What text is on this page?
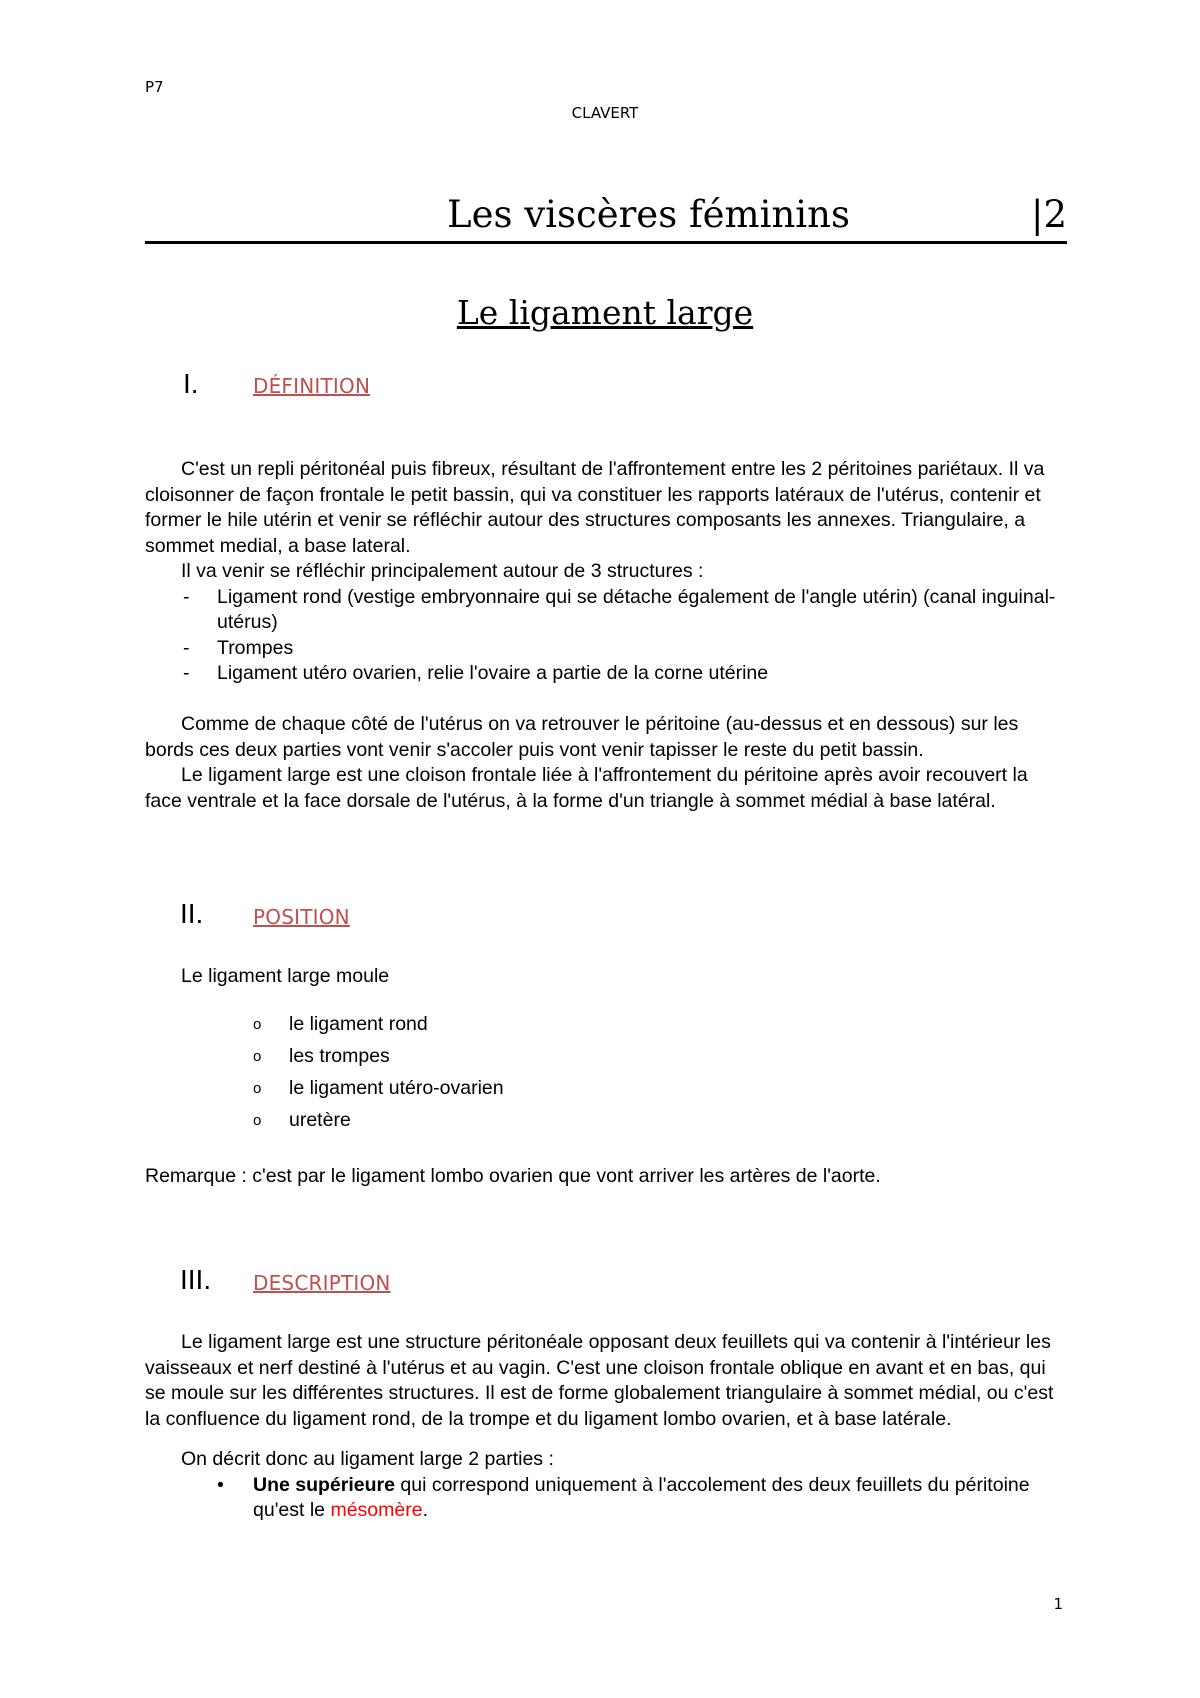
P7
CLAVERT
Les viscères féminins	|2
Le ligament large
I.	DÉFINITION

C'est un repli péritonéal puis fibreux, résultant de l'affrontement entre les 2 péritoines pariétaux. Il va cloisonner de façon frontale le petit bassin, qui va constituer les rapports latéraux de l'utérus, contenir et former le hile utérin et venir se réfléchir autour des structures composants les annexes. Triangulaire, a sommet medial, a base lateral.

Il va venir se réfléchir principalement autour de 3 structures :

- Ligament rond (vestige embryonnaire qui se détache également de l'angle utérin) (canal inguinal-utérus)
- Trompes
- Ligament utéro ovarien, relie l'ovaire a partie de la corne utérine

Comme de chaque côté de l'utérus on va retrouver le péritoine (au-dessus et en dessous) sur les bords ces deux parties vont venir s'accoler puis vont venir tapisser le reste du petit bassin.

Le ligament large est une cloison frontale liée à l'affrontement du péritoine après avoir recouvert la face ventrale et la face dorsale de l'utérus, à la forme d'un triangle à sommet médial à base latéral.

II. POSITION

Le ligament large moule

o le ligament rond
o les trompes
o le ligament utéro-ovarien
o uretère

Remarque : c'est par le ligament lombo ovarien que vont arriver les artères de l'aorte.

III. DESCRIPTION

Le ligament large est une structure péritonéale opposant deux feuillets qui va contenir à l'intérieur les vaisseaux et nerf destiné à l'utérus et au vagin. C'est une cloison frontale oblique en avant et en bas, qui se moule sur les différentes structures. Il est de forme globalement triangulaire à sommet médial, ou c'est la confluence du ligament rond, de la trompe et du ligament lombo ovarien, et à base latérale.

On décrit donc au ligament large 2 parties :

• Une supérieure qui correspond uniquement à l'accolement des deux feuillets du péritoine qu'est le mésomère.
1
